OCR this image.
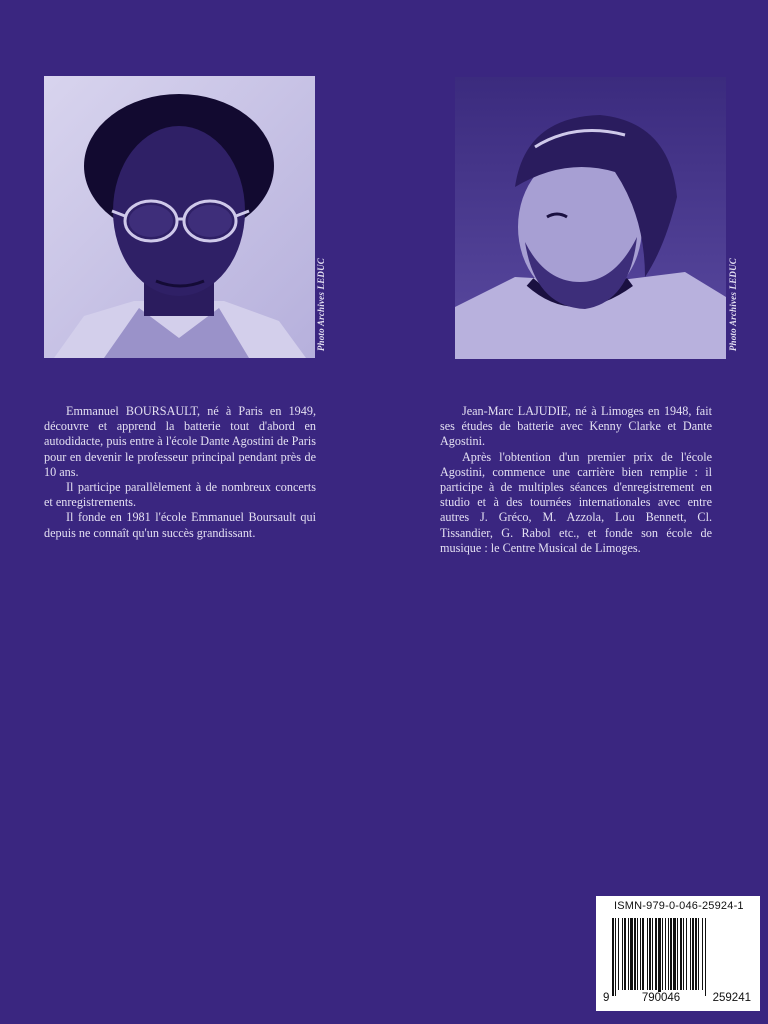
Photo Archives LEDUC	Photo Archives LEDUC

Emmanuel BOURSAULT, né à Paris en 1949, découvre et apprend la batterie tout d'abord en autodidacte, puis entre à l'école Dante Agostini de Paris pour en devenir le professeur principal pendant près de 10 ans.

Il participe parallèlement à de nombreux concerts et enregistrements.

Il fonde en 1981 l'école Emmanuel Boursault qui depuis ne connaît qu'un succès grandissant.

Jean-Marc LAJUDIE, né à Limoges en 1948, fait ses études de batterie avec Kenny Clarke et Dante Agostini.

Après l'obtention d'un premier prix de l'école Agostini, commence une carrière bien remplie : il participe à de multiples séances d'enregistrement en studio et à des tournées internationales avec entre autres J. Gréco, M. Azzola, Lou Bennett, Cl. Tissandier, G. Rabol etc., et fonde son école de musique : le Centre Musical de Limoges.

ISMN-979-0-046-25924-1
9	790046	259241
